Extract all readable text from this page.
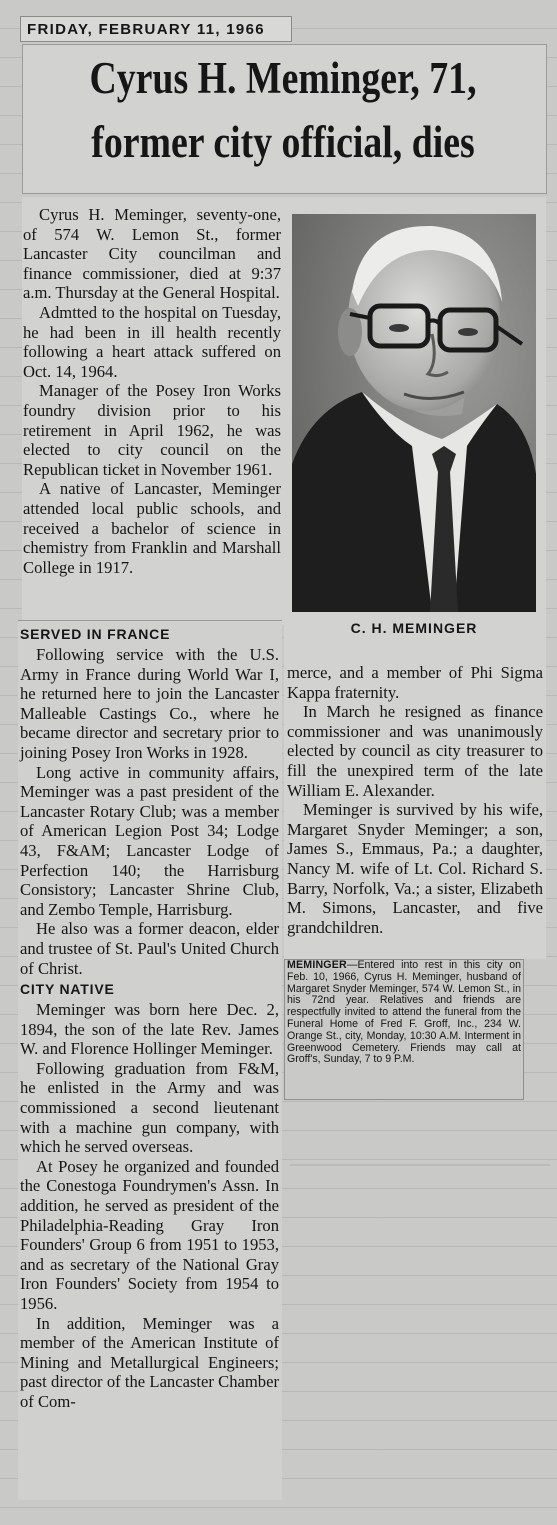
FRIDAY, FEBRUARY 11, 1966
Cyrus H. Meminger, 71,
former city official, dies

Cyrus H. Meminger, seventy-one, of 574 W. Lemon St., former Lancaster City councilman and finance commissioner, died at 9:37 a.m. Thursday at the General Hospital.

Admtted to the hospital on Tuesday, he had been in ill health recently following a heart attack suffered on Oct. 14, 1964.

Manager of the Posey Iron Works foundry division prior to his retirement in April 1962, he was elected to city council on the Republican ticket in November 1961.

A native of Lancaster, Meminger attended local public schools, and received a bachelor of science in chemistry from Franklin and Marshall College in 1917.

C. H. MEMINGER
SERVED IN FRANCE

Following service with the U.S. Army in France during World War I, he returned here to join the Lancaster Malleable Castings Co., where he became director and secretary prior to joining Posey Iron Works in 1928.

Long active in community affairs, Meminger was a past president of the Lancaster Rotary Club; was a member of American Legion Post 34; Lodge 43, F&AM; Lancaster Lodge of Perfection 140; the Harrisburg Consistory; Lancaster Shrine Club, and Zembo Temple, Harrisburg.

He also was a former deacon, elder and trustee of St. Paul's United Church of Christ.

CITY NATIVE

Meminger was born here Dec. 2, 1894, the son of the late Rev. James W. and Florence Hollinger Meminger.

Following graduation from F&M, he enlisted in the Army and was commissioned a second lieutenant with a machine gun company, with which he served overseas.

At Posey he organized and founded the Conestoga Foundrymen's Assn. In addition, he served as president of the Philadelphia-Reading Gray Iron Founders' Group 6 from 1951 to 1953, and as secretary of the National Gray Iron Founders' Society from 1954 to 1956.

In addition, Meminger was a member of the American Institute of Mining and Metallurgical Engineers; past director of the Lancaster Chamber of Com-

merce, and a member of Phi Sigma Kappa fraternity.

In March he resigned as finance commissioner and was unanimously elected by council as city treasurer to fill the unexpired term of the late William E. Alexander.

Meminger is survived by his wife, Margaret Snyder Meminger; a son, James S., Emmaus, Pa.; a daughter, Nancy M. wife of Lt. Col. Richard S. Barry, Norfolk, Va.; a sister, Elizabeth M. Simons, Lancaster, and five grandchildren.

MEMINGER—Entered into rest in this city on Feb. 10, 1966, Cyrus H. Meminger, husband of Margaret Snyder Meminger, 574 W. Lemon St., in his 72nd year. Relatives and friends are respectfully invited to attend the funeral from the Funeral Home of Fred F. Groff, Inc., 234 W. Orange St., city, Monday, 10:30 A.M. Interment in Greenwood Cemetery. Friends may call at Groff's, Sunday, 7 to 9 P.M.
